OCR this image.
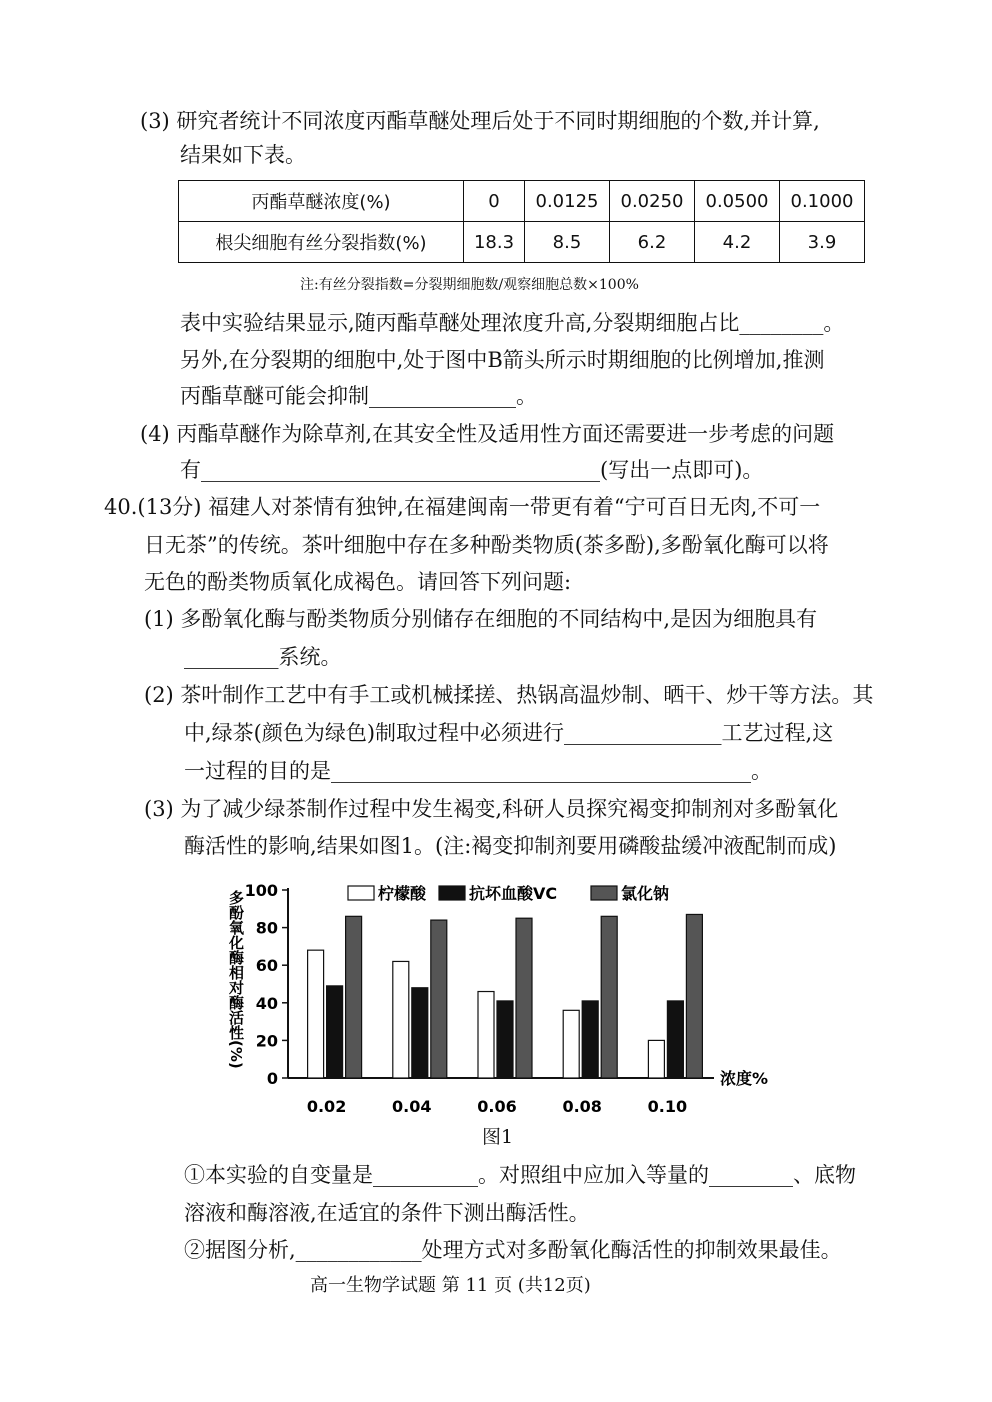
(3) 研究者统计不同浓度丙酯草醚处理后处于不同时期细胞的个数,并计算,
结果如下表。
丙酯草醚浓度(%)	0	0.0125	0.0250	0.0500	0.1000
根尖细胞有丝分裂指数(%)	18.3	8.5	6.2	4.2	3.9
注:有丝分裂指数=分裂期细胞数/观察细胞总数×100%
表中实验结果显示,随丙酯草醚处理浓度升高,分裂期细胞占比________。
另外,在分裂期的细胞中,处于图中B箭头所示时期细胞的比例增加,推测
丙酯草醚可能会抑制______________。
(4) 丙酯草醚作为除草剂,在其安全性及适用性方面还需要进一步考虑的问题
有______________________________________(写出一点即可)。
40.(13分) 福建人对茶情有独钟,在福建闽南一带更有着“宁可百日无肉,不可一
日无茶”的传统。茶叶细胞中存在多种酚类物质(茶多酚),多酚氧化酶可以将
无色的酚类物质氧化成褐色。请回答下列问题:
(1) 多酚氧化酶与酚类物质分别储存在细胞的不同结构中,是因为细胞具有
_________系统。
(2) 茶叶制作工艺中有手工或机械揉搓、热锅高温炒制、晒干、炒干等方法。其
中,绿茶(颜色为绿色)制取过程中必须进行_______________工艺过程,这
一过程的目的是________________________________________。
(3) 为了减少绿茶制作过程中发生褐变,科研人员探究褐变抑制剂对多酚氧化
酶活性的影响,结果如图1。(注:褐变抑制剂要用磷酸盐缓冲液配制而成)
0
20
40
60
80
100
多酚氧化酶相对酶活性(%)
0.02	0.04	0.06	0.08	0.10
浓度%
柠檬酸	抗坏血酸VC	氯化钠
图1
①本实验的自变量是__________。对照组中应加入等量的________、底物
溶液和酶溶液,在适宜的条件下测出酶活性。
②据图分析,____________处理方式对多酚氧化酶活性的抑制效果最佳。
高一生物学试题 第 11 页 (共12页)
